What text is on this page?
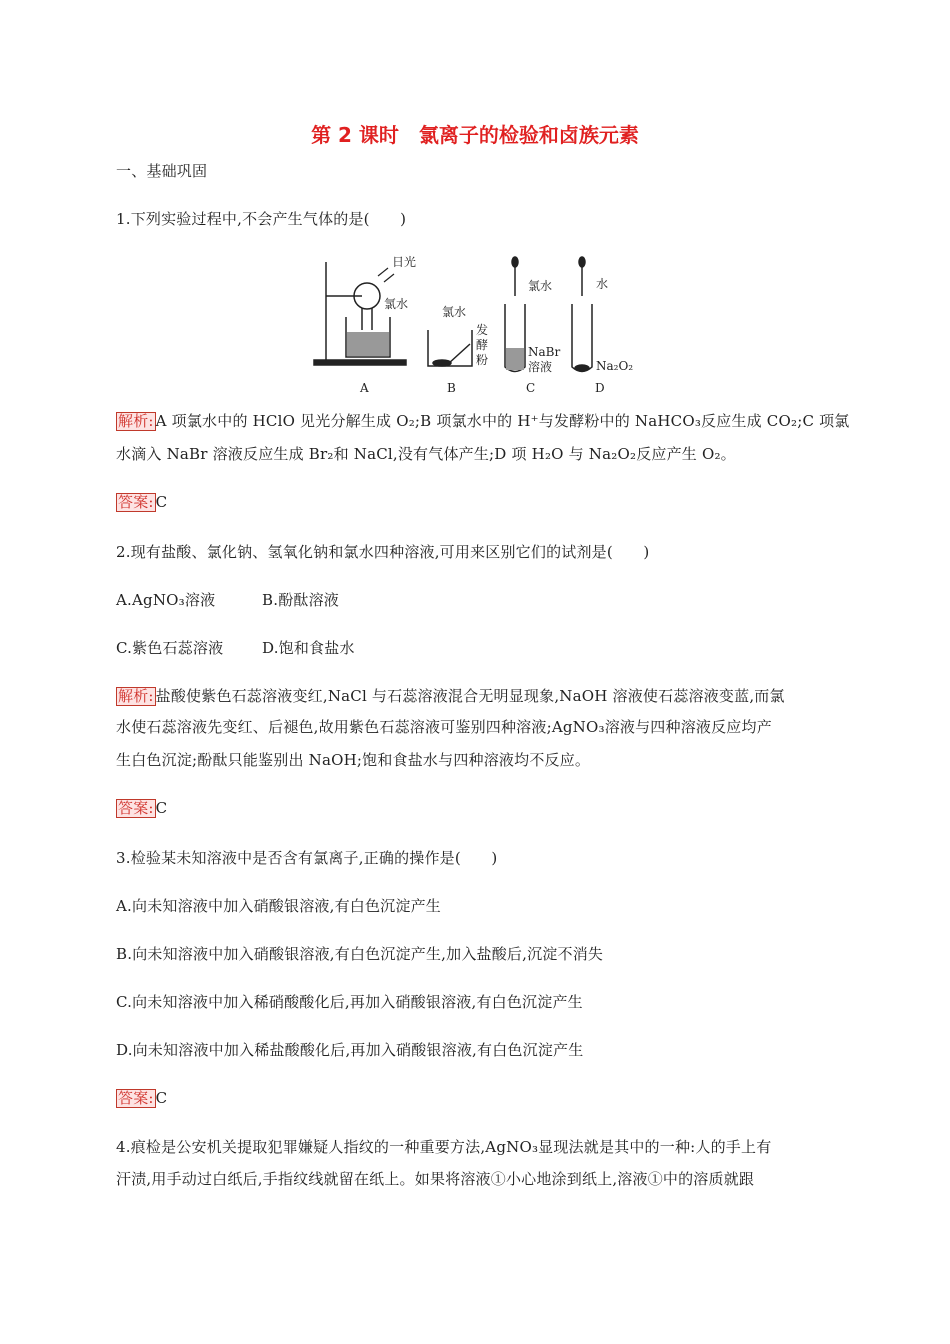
第 2 课时　氯离子的检验和卤族元素
一、基础巩固
1.下列实验过程中,不会产生气体的是(　　)
日光
氯水
氯水
发
酵
粉
氯水
NaBr
溶液
水
Na₂O₂
A	B	C	D
解析: A 项氯水中的 HClO 见光分解生成 O₂;B 项氯水中的 H⁺与发酵粉中的 NaHCO₃反应生成 CO₂;C 项氯
水滴入 NaBr 溶液反应生成 Br₂和 NaCl,没有气体产生;D 项 H₂O 与 Na₂O₂反应产生 O₂。
答案: C
2.现有盐酸、氯化钠、氢氧化钠和氯水四种溶液,可用来区别它们的试剂是(　　)
A.AgNO₃溶液	B.酚酞溶液
C.紫色石蕊溶液	D.饱和食盐水
解析: 盐酸使紫色石蕊溶液变红,NaCl 与石蕊溶液混合无明显现象,NaOH 溶液使石蕊溶液变蓝,而氯
水使石蕊溶液先变红、后褪色,故用紫色石蕊溶液可鉴别四种溶液;AgNO₃溶液与四种溶液反应均产
生白色沉淀;酚酞只能鉴别出 NaOH;饱和食盐水与四种溶液均不反应。
答案: C
3.检验某未知溶液中是否含有氯离子,正确的操作是(　　)
A.向未知溶液中加入硝酸银溶液,有白色沉淀产生
B.向未知溶液中加入硝酸银溶液,有白色沉淀产生,加入盐酸后,沉淀不消失
C.向未知溶液中加入稀硝酸酸化后,再加入硝酸银溶液,有白色沉淀产生
D.向未知溶液中加入稀盐酸酸化后,再加入硝酸银溶液,有白色沉淀产生
答案: C
4.痕检是公安机关提取犯罪嫌疑人指纹的一种重要方法,AgNO₃显现法就是其中的一种:人的手上有
汗渍,用手动过白纸后,手指纹线就留在纸上。如果将溶液①小心地涂到纸上,溶液①中的溶质就跟
